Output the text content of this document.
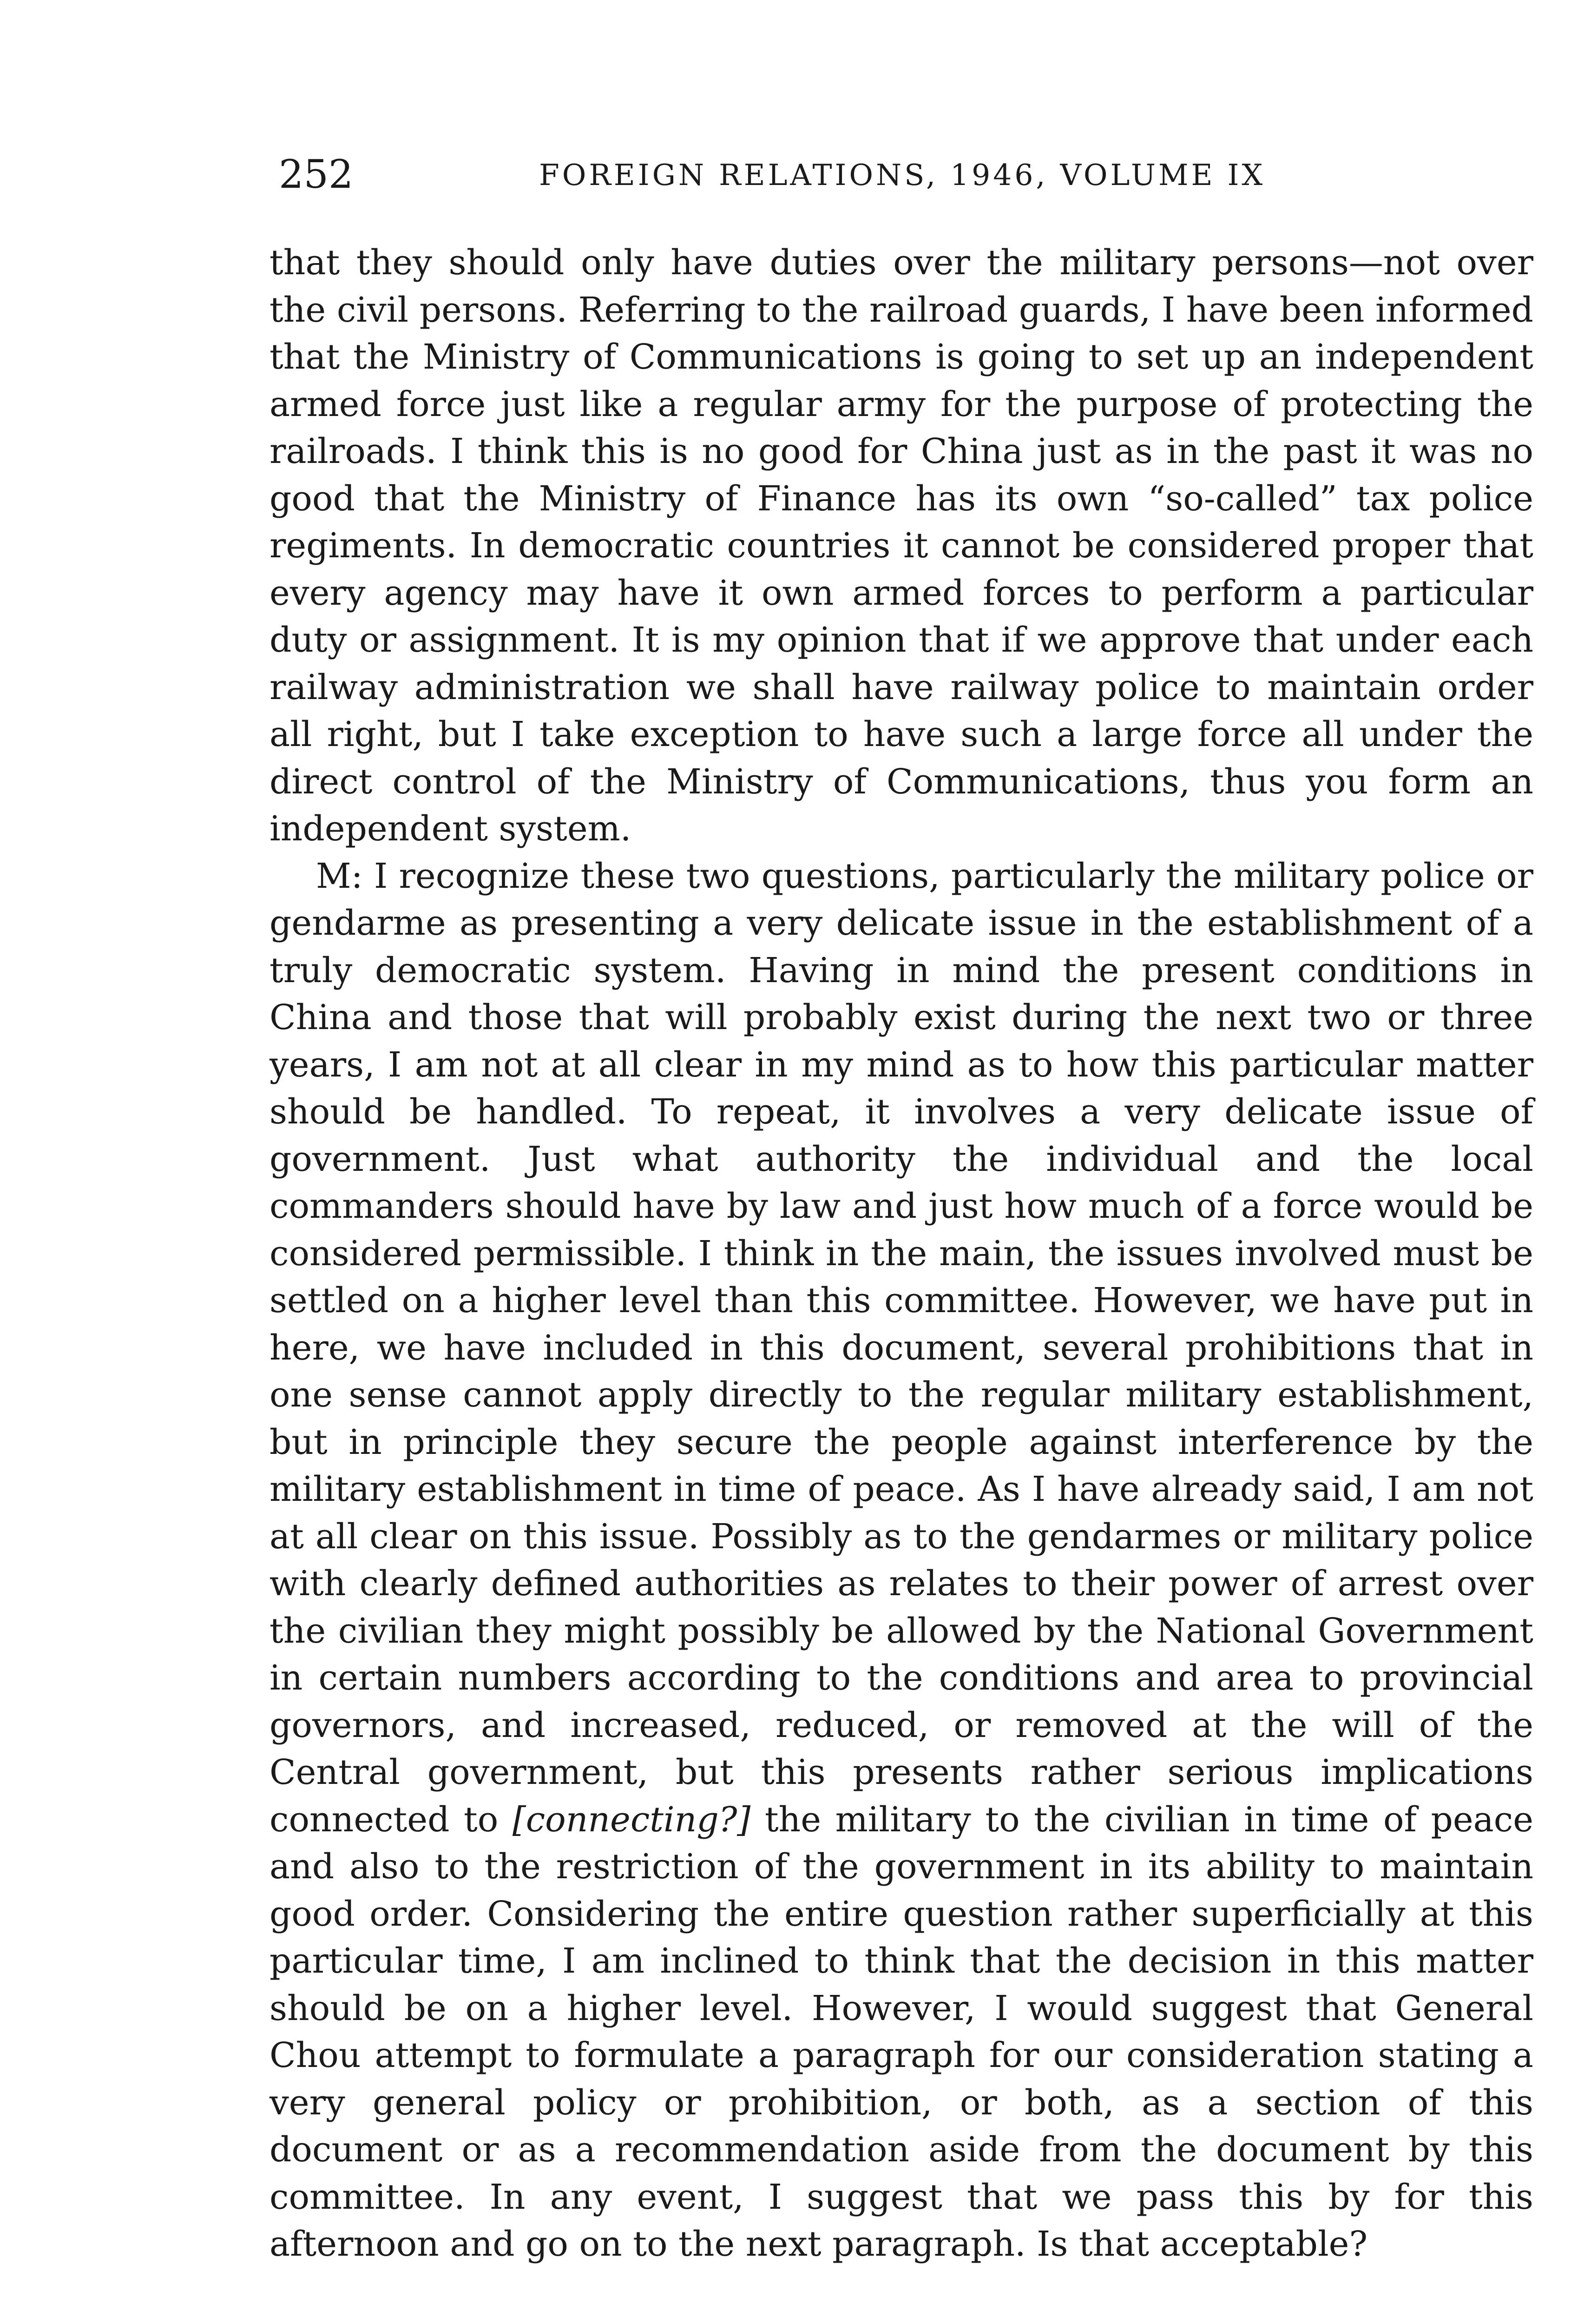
252	FOREIGN RELATIONS, 1946, VOLUME IX

that they should only have duties over the military persons—not over the civil persons. Referring to the railroad guards, I have been informed that the Ministry of Communications is going to set up an independent armed force just like a regular army for the purpose of protecting the railroads. I think this is no good for China just as in the past it was no good that the Ministry of Finance has its own “so-called” tax police regiments. In democratic countries it cannot be considered proper that every agency may have it own armed forces to perform a particular duty or assignment. It is my opinion that if we approve that under each railway administration we shall have railway police to maintain order all right, but I take exception to have such a large force all under the direct control of the Ministry of Communications, thus you form an independent system.

M: I recognize these two questions, particularly the military police or gendarme as presenting a very delicate issue in the establishment of a truly democratic system. Having in mind the present conditions in China and those that will probably exist during the next two or three years, I am not at all clear in my mind as to how this particular matter should be handled. To repeat, it involves a very delicate issue of government. Just what authority the individual and the local commanders should have by law and just how much of a force would be considered permissible. I think in the main, the issues involved must be settled on a higher level than this committee. However, we have put in here, we have included in this document, several prohibitions that in one sense cannot apply directly to the regular military establishment, but in principle they secure the people against interference by the military establishment in time of peace. As I have already said, I am not at all clear on this issue. Possibly as to the gendarmes or military police with clearly defined authorities as relates to their power of arrest over the civilian they might possibly be allowed by the National Government in certain numbers according to the conditions and area to provincial governors, and increased, reduced, or removed at the will of the Central government, but this presents rather serious implications connected to [connecting?] the military to the civilian in time of peace and also to the restriction of the government in its ability to maintain good order. Considering the entire question rather superficially at this particular time, I am inclined to think that the decision in this matter should be on a higher level. However, I would suggest that General Chou attempt to formulate a paragraph for our consideration stating a very general policy or prohibition, or both, as a section of this document or as a recommendation aside from the document by this committee. In any event, I suggest that we pass this by for this afternoon and go on to the next paragraph. Is that acceptable?
